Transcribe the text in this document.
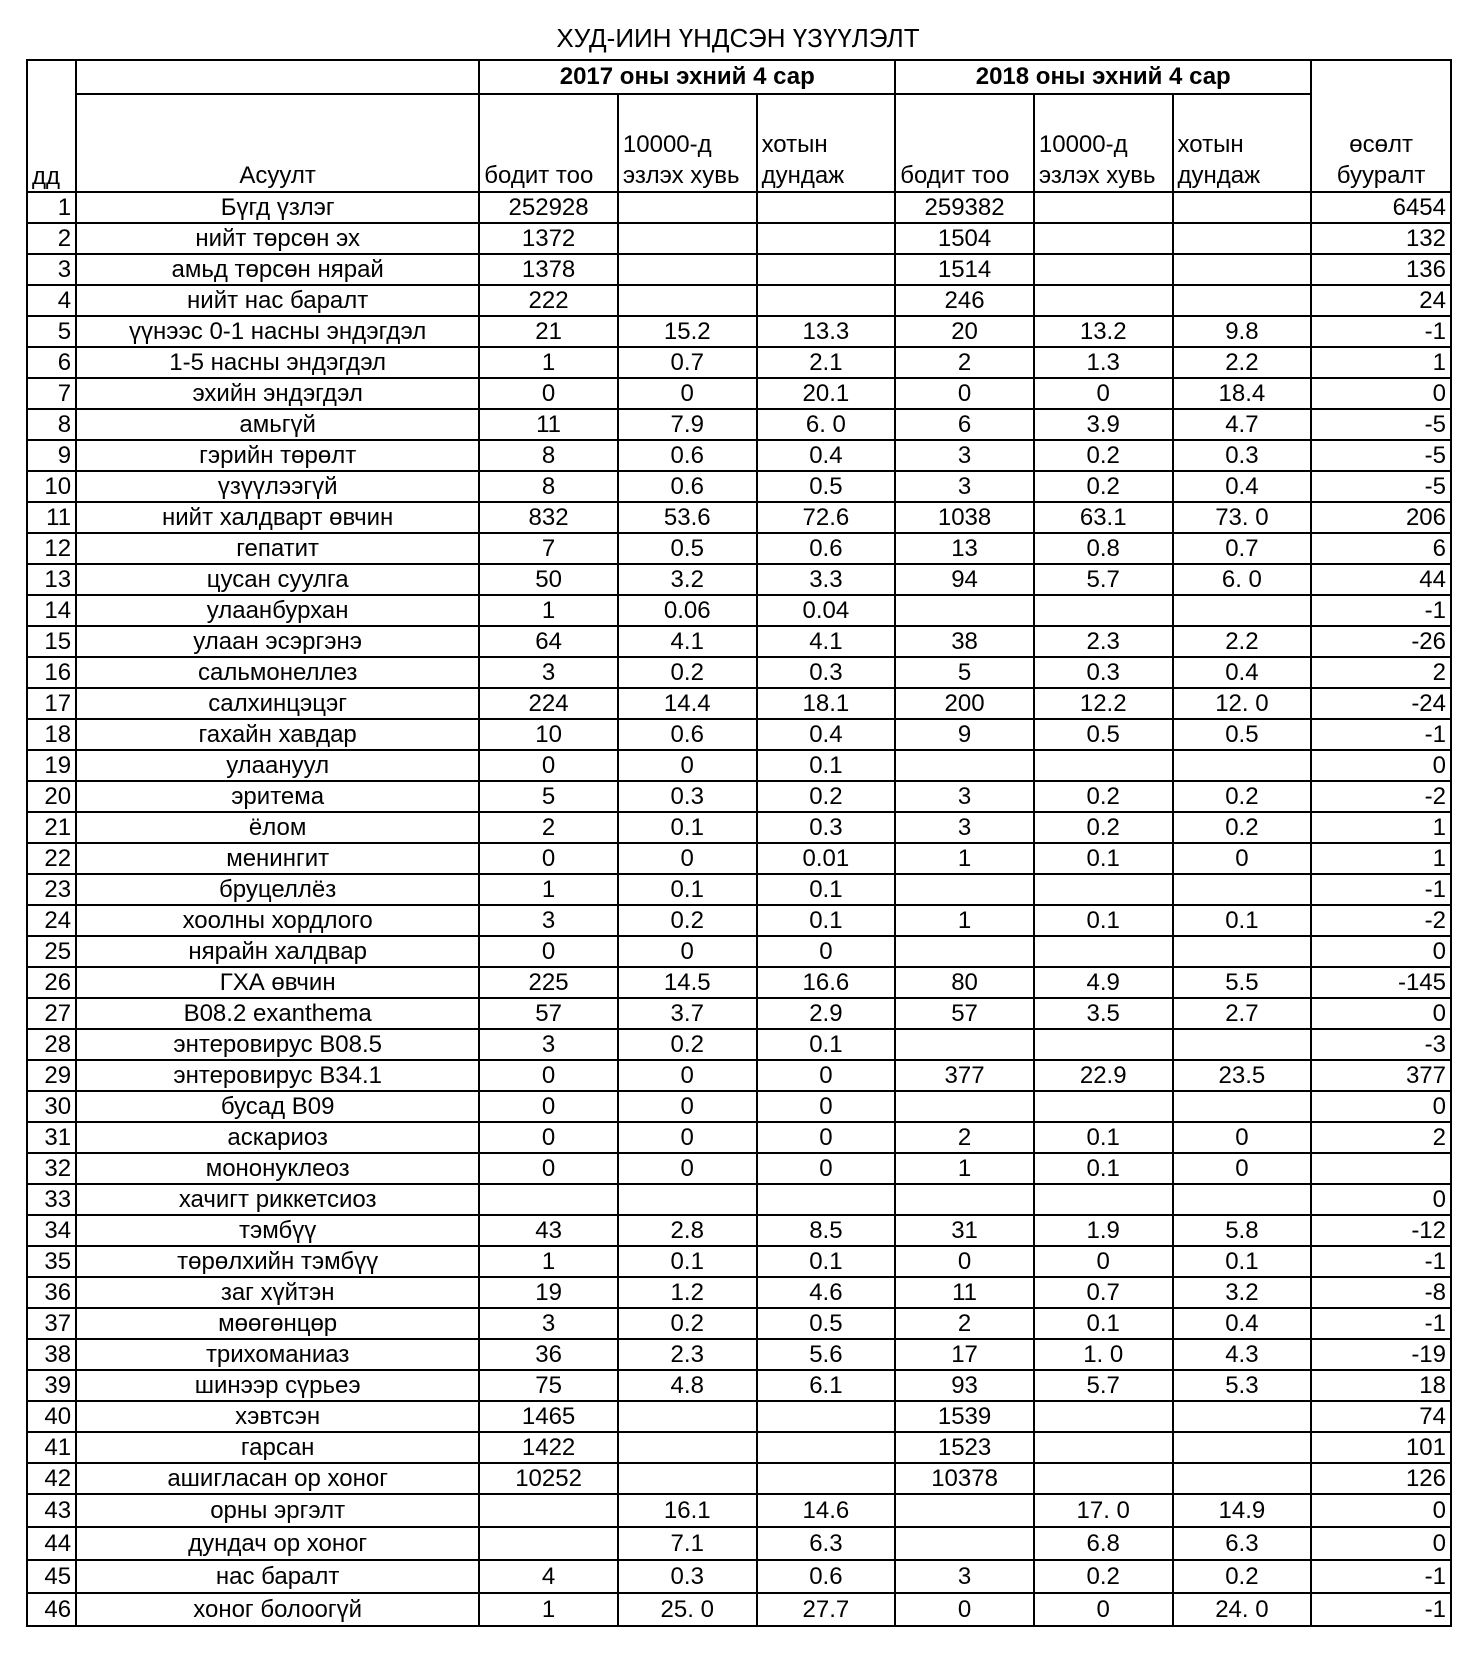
ХУД-ИИН ҮНДСЭН ҮЗҮҮЛЭЛТ
дд		2017 оны эхний 4 сар			2018 оны эхний 4 сар			өсөлт бууралт
	Асуулт	бодит тоо	10000-д эзлэх хувь	хотын дундаж	бодит тоо	10000-д эзлэх хувь	хотын дундаж	
1	Бүгд үзлэг	252928			259382			6454
2	нийт төрсөн эх	1372			1504			132
3	амьд төрсөн нярай	1378			1514			136
4	нийт нас баралт	222			246			24
5	үүнээс 0-1 насны эндэгдэл	21	15.2	13.3	20	13.2	9.8	-1
6	1-5 насны эндэгдэл	1	0.7	2.1	2	1.3	2.2	1
7	эхийн эндэгдэл	0	0	20.1	0	0	18.4	0
8	амьгүй	11	7.9	6. 0	6	3.9	4.7	-5
9	гэрийн төрөлт	8	0.6	0.4	3	0.2	0.3	-5
10	үзүүлээгүй	8	0.6	0.5	3	0.2	0.4	-5
11	нийт халдварт өвчин	832	53.6	72.6	1038	63.1	73. 0	206
12	гепатит	7	0.5	0.6	13	0.8	0.7	6
13	цусан суулга	50	3.2	3.3	94	5.7	6. 0	44
14	улаанбурхан	1	0.06	0.04				-1
15	улаан эсэргэнэ	64	4.1	4.1	38	2.3	2.2	-26
16	сальмонеллез	3	0.2	0.3	5	0.3	0.4	2
17	салхинцэцэг	224	14.4	18.1	200	12.2	12. 0	-24
18	гахайн хавдар	10	0.6	0.4	9	0.5	0.5	-1
19	улаануул	0	0	0.1				0
20	эритема	5	0.3	0.2	3	0.2	0.2	-2
21	ёлом	2	0.1	0.3	3	0.2	0.2	1
22	менингит	0	0	0.01	1	0.1	0	1
23	бруцеллёз	1	0.1	0.1				-1
24	хоолны хордлого	3	0.2	0.1	1	0.1	0.1	-2
25	нярайн халдвар	0	0	0				0
26	ГХА өвчин	225	14.5	16.6	80	4.9	5.5	-145
27	B08.2 exanthema	57	3.7	2.9	57	3.5	2.7	0
28	энтеровирус B08.5	3	0.2	0.1				-3
29	энтеровирус B34.1	0	0	0	377	22.9	23.5	377
30	бусад B09	0	0	0				0
31	аскариоз	0	0	0	2	0.1	0	2
32	мононуклеоз	0	0	0	1	0.1	0	
33	хачигт риккетсиоз							0
34	тэмбүү	43	2.8	8.5	31	1.9	5.8	-12
35	төрөлхийн тэмбүү	1	0.1	0.1	0	0	0.1	-1
36	заг хүйтэн	19	1.2	4.6	11	0.7	3.2	-8
37	мөөгөнцөр	3	0.2	0.5	2	0.1	0.4	-1
38	трихоманиаз	36	2.3	5.6	17	1. 0	4.3	-19
39	шинээр сүрьеэ	75	4.8	6.1	93	5.7	5.3	18
40	хэвтсэн	1465			1539			74
41	гарсан	1422			1523			101
42	ашигласан ор хоног	10252			10378			126
43	орны эргэлт		16.1	14.6		17. 0	14.9	0
44	дундач ор хоног		7.1	6.3		6.8	6.3	0
45	нас баралт	4	0.3	0.6	3	0.2	0.2	-1
46	хоног болоогүй	1	25. 0	27.7	0	0	24. 0	-1
